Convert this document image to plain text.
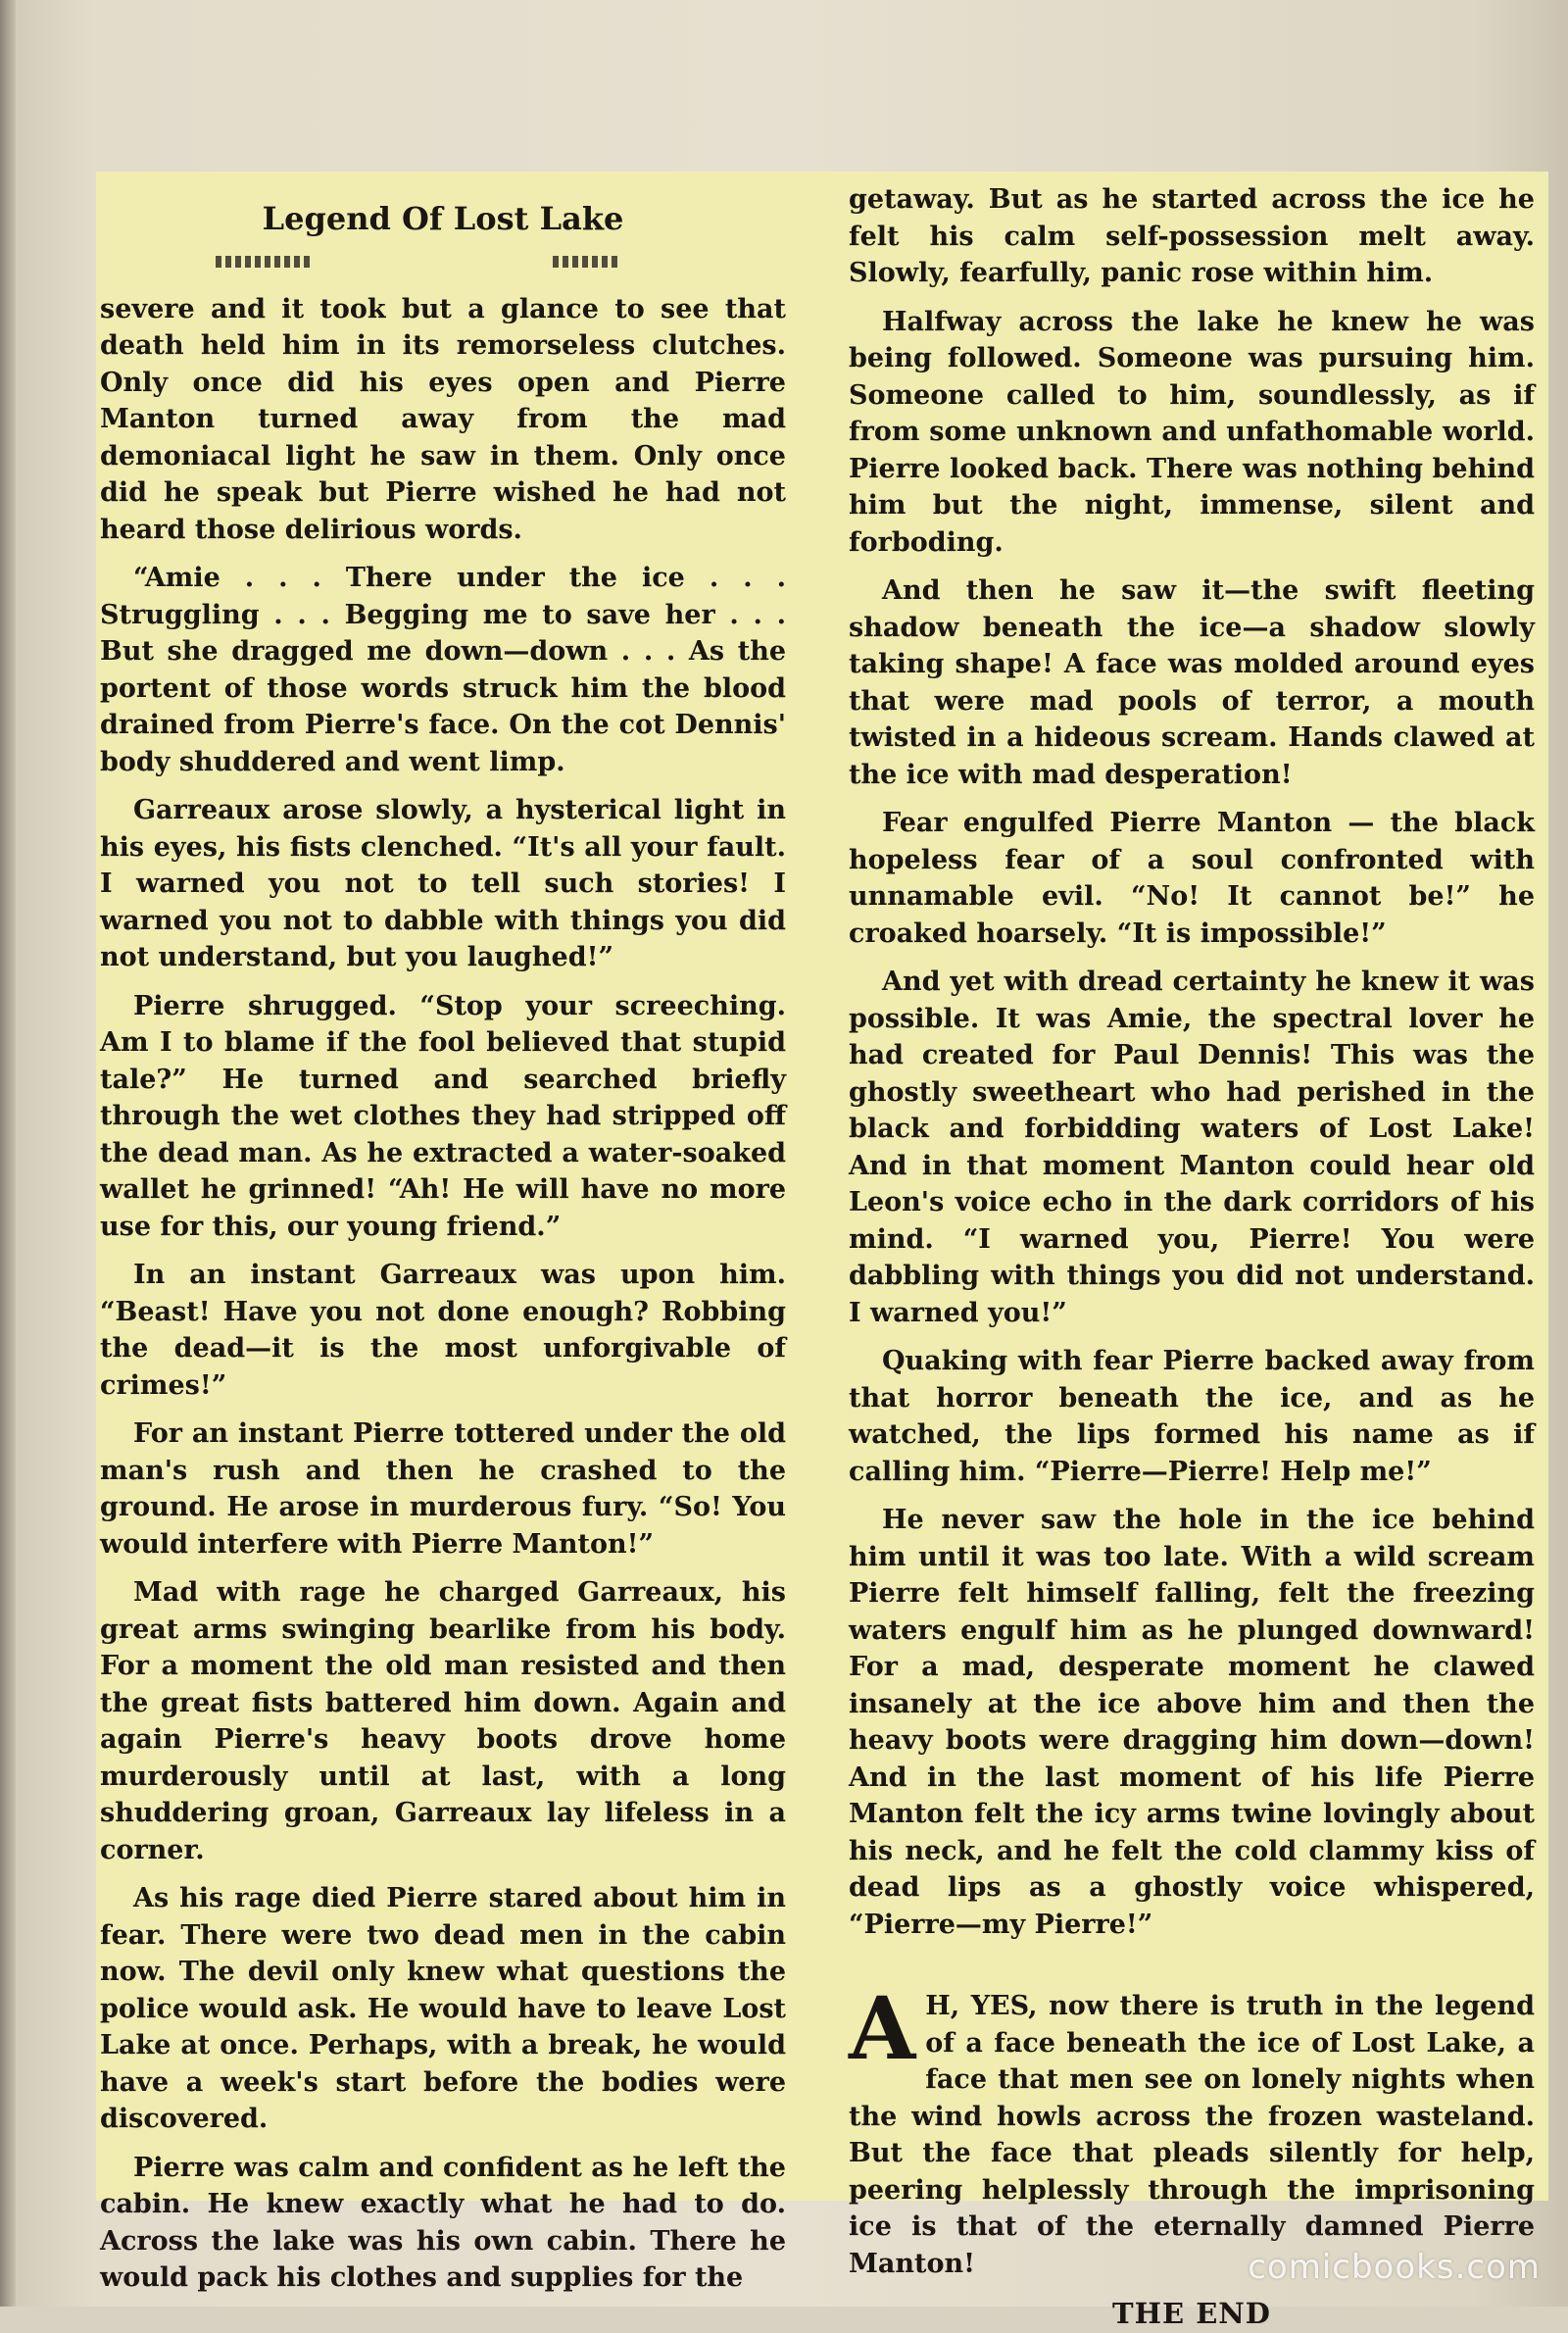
Legend Of Lost Lake

severe and it took but a glance to see that death held him in its remorseless clutches. Only once did his eyes open and Pierre Manton turned away from the mad demoniacal light he saw in them. Only once did he speak but Pierre wished he had not heard those delirious words.

“Amie . . . There under the ice . . . Struggling . . . Begging me to save her . . . But she dragged me down—down . . . As the portent of those words struck him the blood drained from Pierre's face. On the cot Dennis' body shuddered and went limp.

Garreaux arose slowly, a hysterical light in his eyes, his fists clenched. “It's all your fault. I warned you not to tell such stories! I warned you not to dabble with things you did not understand, but you laughed!”

Pierre shrugged. “Stop your screeching. Am I to blame if the fool believed that stupid tale?” He turned and searched briefly through the wet clothes they had stripped off the dead man. As he extracted a water-soaked wallet he grinned! “Ah! He will have no more use for this, our young friend.”

In an instant Garreaux was upon him. “Beast! Have you not done enough? Robbing the dead—it is the most unforgivable of crimes!”

For an instant Pierre tottered under the old man's rush and then he crashed to the ground. He arose in murderous fury. “So! You would interfere with Pierre Manton!”

Mad with rage he charged Garreaux, his great arms swinging bearlike from his body. For a moment the old man resisted and then the great fists battered him down. Again and again Pierre's heavy boots drove home murderously until at last, with a long shuddering groan, Garreaux lay lifeless in a corner.

As his rage died Pierre stared about him in fear. There were two dead men in the cabin now. The devil only knew what questions the police would ask. He would have to leave Lost Lake at once. Perhaps, with a break, he would have a week's start before the bodies were discovered.

Pierre was calm and confident as he left the cabin. He knew exactly what he had to do. Across the lake was his own cabin. There he would pack his clothes and supplies for the

getaway. But as he started across the ice he felt his calm self-possession melt away. Slowly, fearfully, panic rose within him.

Halfway across the lake he knew he was being followed. Someone was pursuing him. Someone called to him, soundlessly, as if from some unknown and unfathomable world. Pierre looked back. There was nothing behind him but the night, immense, silent and forboding.

And then he saw it—the swift fleeting shadow beneath the ice—a shadow slowly taking shape! A face was molded around eyes that were mad pools of terror, a mouth twisted in a hideous scream. Hands clawed at the ice with mad desperation!

Fear engulfed Pierre Manton — the black hopeless fear of a soul confronted with unnamable evil. “No! It cannot be!” he croaked hoarsely. “It is impossible!”

And yet with dread certainty he knew it was possible. It was Amie, the spectral lover he had created for Paul Dennis! This was the ghostly sweetheart who had perished in the black and forbidding waters of Lost Lake! And in that moment Manton could hear old Leon's voice echo in the dark corridors of his mind. “I warned you, Pierre! You were dabbling with things you did not understand. I warned you!”

Quaking with fear Pierre backed away from that horror beneath the ice, and as he watched, the lips formed his name as if calling him. “Pierre—Pierre! Help me!”

He never saw the hole in the ice behind him until it was too late. With a wild scream Pierre felt himself falling, felt the freezing waters engulf him as he plunged downward! For a mad, desperate moment he clawed insanely at the ice above him and then the heavy boots were dragging him down—down! And in the last moment of his life Pierre Manton felt the icy arms twine lovingly about his neck, and he felt the cold clammy kiss of dead lips as a ghostly voice whispered, “Pierre—my Pierre!”

A H, YES, now there is truth in the legend of a face beneath the ice of Lost Lake, a face that men see on lonely nights when the wind howls across the frozen wasteland. But the face that pleads silently for help, peering helplessly through the imprisoning ice is that of the eternally damned Pierre Manton!

THE END
comicbooks.com
